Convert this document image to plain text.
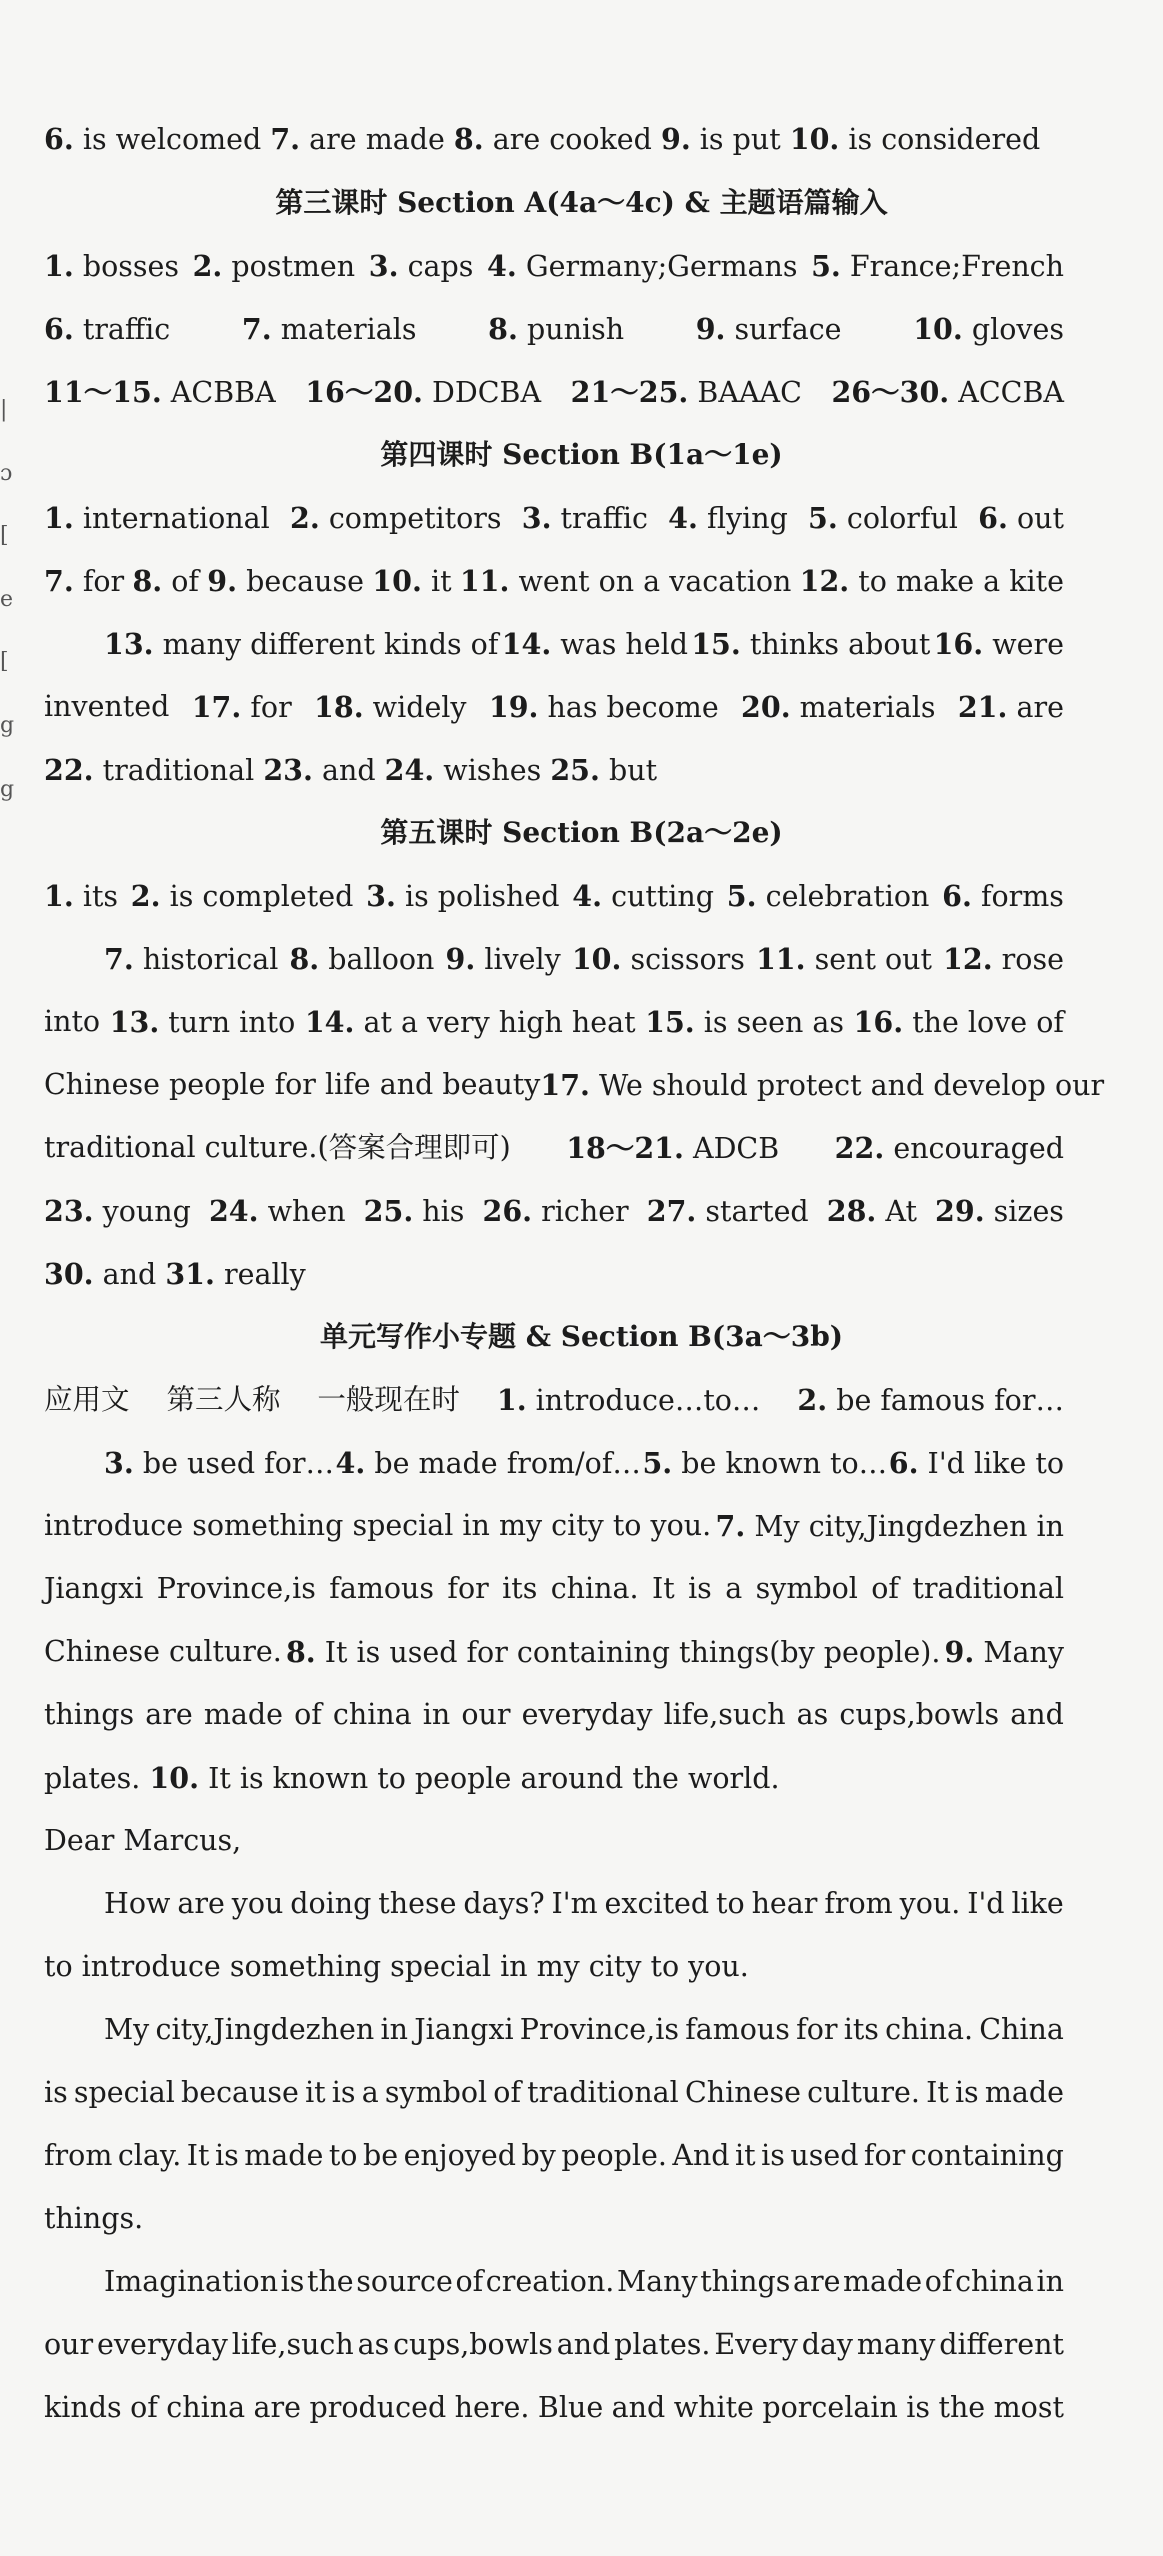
|
ɔ
[
e
[
g
g
6. is welcomed 7. are made 8. are cooked 9. is put 10. is considered
第三课时 Section A(4a～4c) & 主题语篇输入
1. bosses 2. postmen 3. caps 4. Germany;Germans 5. France;French
6. traffic	7. materials	8. punish	9. surface	10. gloves
11～15. ACBBA 16～20. DDCBA 21～25. BAAAC 26～30. ACCBA
第四课时 Section B(1a～1e)
1. international 2. competitors 3. traffic 4. flying 5. colorful 6. out
7. for 8. of 9. because 10. it 11. went on a vacation 12. to make a kite
13. many different kinds of 14. was held 15. thinks about 16. were
invented 17. for 18. widely 19. has become 20. materials 21. are
22. traditional 23. and 24. wishes 25. but
第五课时 Section B(2a～2e)
1. its 2. is completed 3. is polished 4. cutting 5. celebration 6. forms
7. historical 8. balloon 9. lively 10. scissors 11. sent out 12. rose
into 13. turn into 14. at a very high heat 15. is seen as 16. the love of
Chinese people for life and beauty 17. We should protect and develop our
traditional culture.(答案合理即可) 18～21. ADCB 22. encouraged
23. young 24. when 25. his 26. richer 27. started 28. At 29. sizes
30. and 31. really
单元写作小专题 & Section B(3a～3b)
应用文 第三人称 一般现在时 1. introduce…to… 2. be famous for…
3. be used for… 4. be made from/of… 5. be known to… 6. I'd like to
introduce something special in my city to you. 7. My city,Jingdezhen in
Jiangxi Province,is famous for its china. It is a symbol of traditional
Chinese culture. 8. It is used for containing things(by people). 9. Many
things are made of china in our everyday life,such as cups,bowls and
plates. 10. It is known to people around the world.
Dear Marcus,
How are you doing these days? I'm excited to hear from you. I'd like
to introduce something special in my city to you.
My city,Jingdezhen in Jiangxi Province,is famous for its china. China
is special because it is a symbol of traditional Chinese culture. It is made
from clay. It is made to be enjoyed by people. And it is used for containing
things.
Imagination is the source of creation. Many things are made of china in
our everyday life,such as cups,bowls and plates. Every day many different
kinds of china are produced here. Blue and white porcelain is the most
